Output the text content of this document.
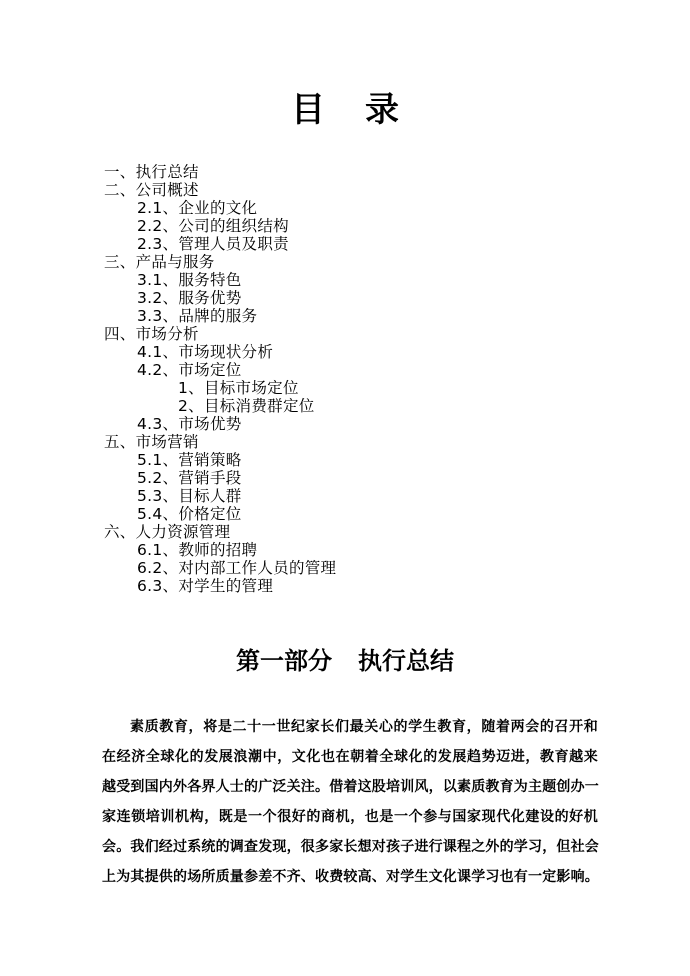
目 录
一、执行总结
二、公司概述
2.1、企业的文化
2.2、公司的组织结构
2.3、管理人员及职责
三、产品与服务
3.1、服务特色
3.2、服务优势
3.3、品牌的服务
四、市场分析
4.1、市场现状分析
4.2、市场定位
1、目标市场定位
2、目标消费群定位
4.3、市场优势
五、市场营销
5.1、营销策略
5.2、营销手段
5.3、目标人群
5.4、价格定位
六、人力资源管理
6.1、教师的招聘
6.2、对内部工作人员的管理
6.3、对学生的管理
第一部分 执行总结
素质教育，将是二十一世纪家长们最关心的学生教育，随着两会的召开和
在经济全球化的发展浪潮中，文化也在朝着全球化的发展趋势迈进，教育越来
越受到国内外各界人士的广泛关注。借着这股培训风，以素质教育为主题创办一
家连锁培训机构，既是一个很好的商机，也是一个参与国家现代化建设的好机
会。我们经过系统的调查发现，很多家长想对孩子进行课程之外的学习，但社会
上为其提供的场所质量参差不齐、收费较高、对学生文化课学习也有一定影响。
